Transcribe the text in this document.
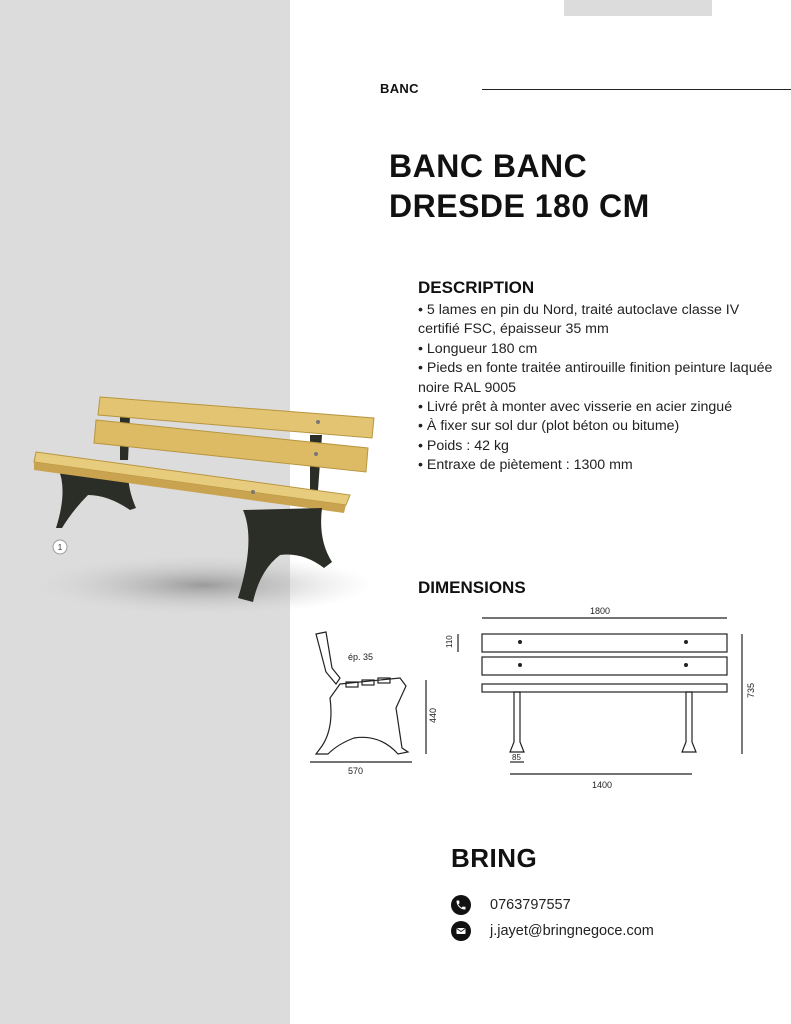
BANC
BANC BANC
DRESDE 180 CM
DESCRIPTION
• 5 lames en pin du Nord, traité autoclave classe IV
certifié FSC, épaisseur 35 mm
• Longueur 180 cm
• Pieds en fonte traitée antirouille finition peinture laquée noire RAL 9005
• Livré prêt à monter avec visserie en acier zingué
• À fixer sur sol dur (plot béton ou bitume)
• Poids : 42 kg
• Entraxe de piètement : 1300 mm
1
DIMENSIONS
ép. 35
440
570
1800
110
735
85
1400
BRING
0763797557
j.jayet@bringnegoce.com
